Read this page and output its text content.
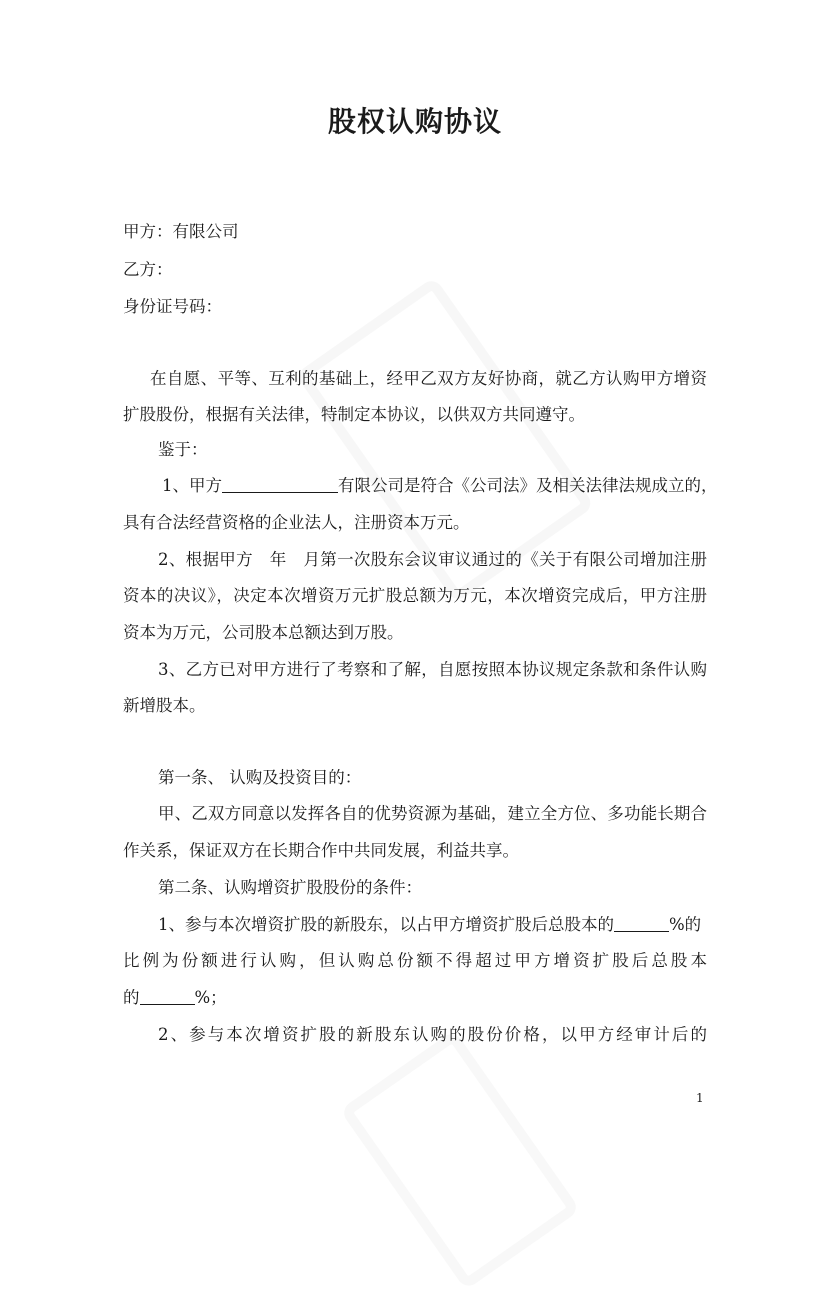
股权认购协议
甲方：有限公司
乙方：
身份证号码：
在自愿、平等、互利的基础上，经甲乙双方友好协商，就乙方认购甲方增资
扩股股份，根据有关法律，特制定本协议，以供双方共同遵守。
鉴于：
1、甲方	有限公司是符合《公司法》及相关法律法规成立的，
具有合法经营资格的企业法人，注册资本万元。
2、根据甲方　年　月第一次股东会议审议通过的《关于有限公司增加注册
资本的决议》，决定本次增资万元扩股总额为万元，本次增资完成后，甲方注册
资本为万元，公司股本总额达到万股。
3、乙方已对甲方进行了考察和了解，自愿按照本协议规定条款和条件认购
新增股本。
第一条、 认购及投资目的：
甲、乙双方同意以发挥各自的优势资源为基础，建立全方位、多功能长期合
作关系，保证双方在长期合作中共同发展，利益共享。
第二条、认购增资扩股股份的条件：
1、参与本次增资扩股的新股东，以占甲方增资扩股后总股本的	%的
比例为份额进行认购，但认购总份额不得超过甲方增资扩股后总股本
的	%；
2、参与本次增资扩股的新股东认购的股份价格，以甲方经审计后的
1
